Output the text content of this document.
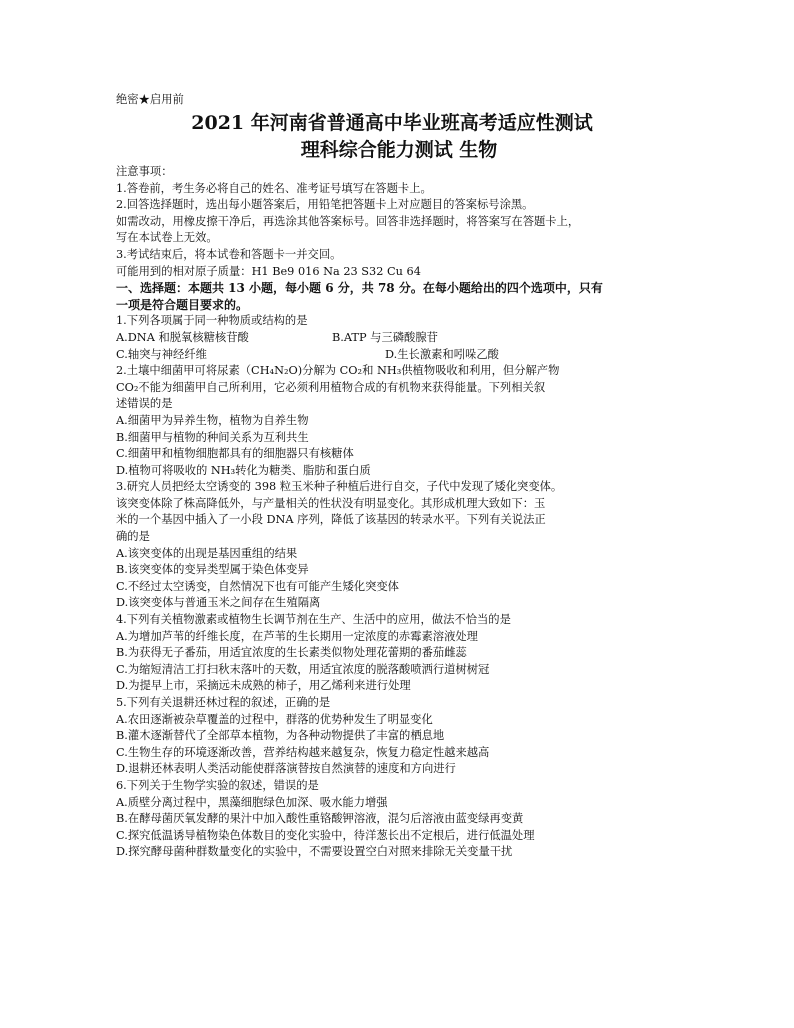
绝密★启用前
2021 年河南省普通高中毕业班高考适应性测试
理科综合能力测试 生物
注意事项：
1.答卷前，考生务必将自己的姓名、准考证号填写在答题卡上。
2.回答选择题时，选出每小题答案后，用铅笔把答题卡上对应题目的答案标号涂黑。
如需改动，用橡皮擦干净后，再选涂其他答案标号。回答非选择题时，将答案写在答题卡上，
写在本试卷上无效。
3.考试结束后，将本试卷和答题卡一并交回。
可能用到的相对原子质量：H1 Be9 016 Na 23 S32 Cu 64
一、选择题：本题共 13 小题，每小题 6 分，共 78 分。在每小题给出的四个选项中，只有
一项是符合题目要求的。
1.下列各项属于同一种物质或结构的是
A.DNA 和脱氧核糖核苷酸	B.ATP 与三磷酸腺苷
C.轴突与神经纤维	D.生长激素和吲哚乙酸
2.土壤中细菌甲可将尿素（CH₄N₂O)分解为 CO₂和 NH₃供植物吸收和利用，但分解产物
CO₂不能为细菌甲自己所利用，它必须利用植物合成的有机物来获得能量。下列相关叙
述错误的是
A.细菌甲为异养生物，植物为自养生物
B.细菌甲与植物的种间关系为互利共生
C.细菌甲和植物细胞都具有的细胞器只有核糖体
D.植物可将吸收的 NH₃转化为糖类、脂肪和蛋白质
3.研究人员把经太空诱变的 398 粒玉米种子种植后进行自交，子代中发现了矮化突变体。
该突变体除了株高降低外，与产量相关的性状没有明显变化。其形成机理大致如下：玉
米的一个基因中插入了一小段 DNA 序列，降低了该基因的转录水平。下列有关说法正
确的是
A.该突变体的出现是基因重组的结果
B.该突变体的变异类型属于染色体变异
C.不经过太空诱变，自然情况下也有可能产生矮化突变体
D.该突变体与普通玉米之间存在生殖隔离
4.下列有关植物激素或植物生长调节剂在生产、生活中的应用，做法不恰当的是
A.为增加芦苇的纤维长度，在芦苇的生长期用一定浓度的赤霉素溶液处理
B.为获得无子番茄，用适宜浓度的生长素类似物处理花蕾期的番茄雌蕊
C.为缩短清洁工打扫秋末落叶的天数，用适宜浓度的脱落酸喷洒行道树树冠
D.为提早上市，采摘远未成熟的柿子，用乙烯利来进行处理
5.下列有关退耕还林过程的叙述，正确的是
A.农田逐渐被杂草覆盖的过程中，群落的优势种发生了明显变化
B.灌木逐渐替代了全部草本植物，为各种动物提供了丰富的栖息地
C.生物生存的环境逐渐改善，营养结构越来越复杂，恢复力稳定性越来越高
D.退耕还林表明人类活动能使群落演替按自然演替的速度和方向进行
6.下列关于生物学实验的叙述，错误的是
A.质壁分离过程中，黑藻细胞绿色加深、吸水能力增强
B.在酵母菌厌氧发酵的果汁中加入酸性重铬酸钾溶液，混匀后溶液由蓝变绿再变黄
C.探究低温诱导植物染色体数目的变化实验中，待洋葱长出不定根后，进行低温处理
D.探究酵母菌种群数量变化的实验中，不需要设置空白对照来排除无关变量干扰
